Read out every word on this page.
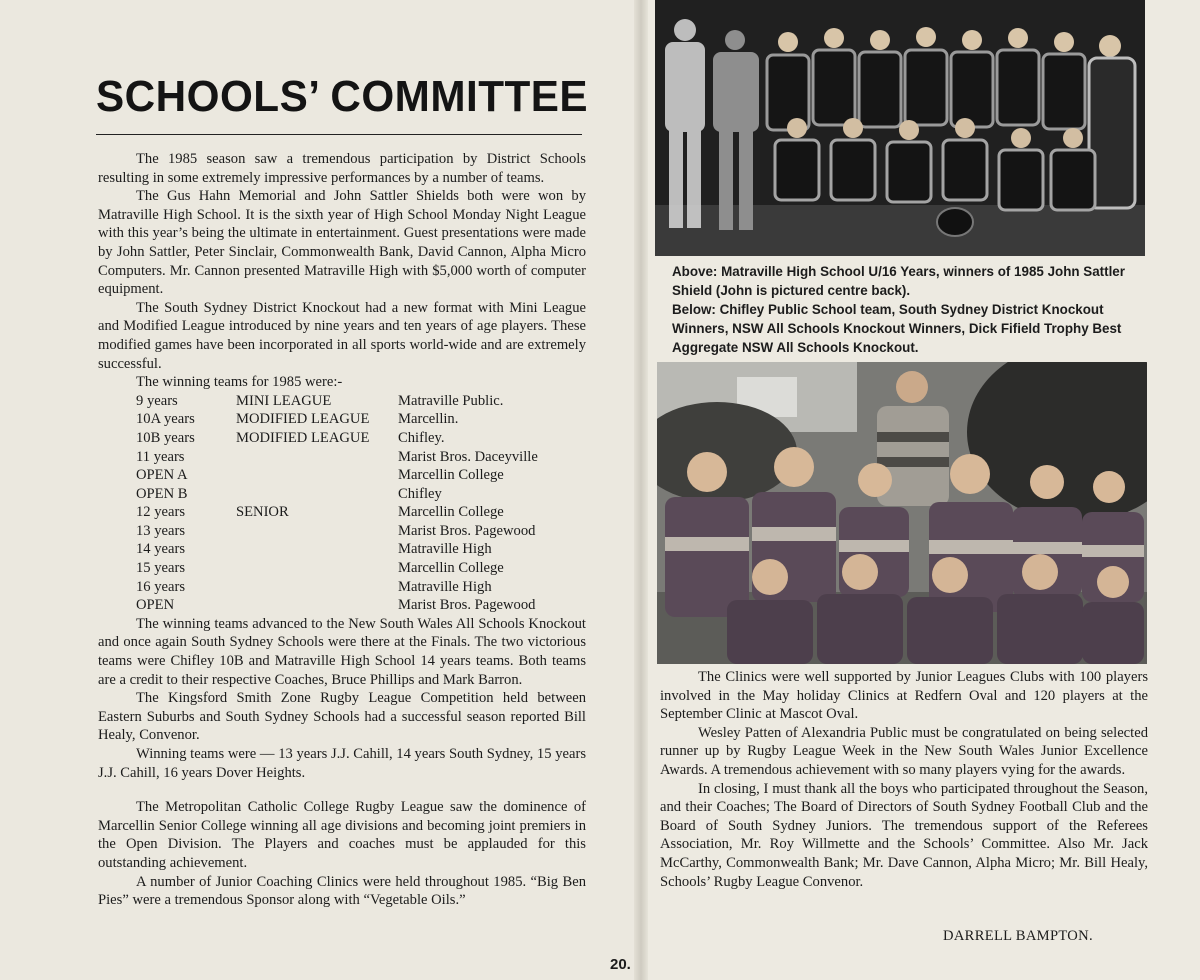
SCHOOLS’ COMMITTEE

The 1985 season saw a tremendous participation by District Schools resulting in some extremely impressive performances by a number of teams.

The Gus Hahn Memorial and John Sattler Shields both were won by Matraville High School. It is the sixth year of High School Monday Night League with this year’s being the ultimate in entertainment. Guest presentations were made by John Sattler, Peter Sinclair, Commonwealth Bank, David Cannon, Alpha Micro Computers. Mr. Cannon presented Matraville High with $5,000 worth of computer equipment.

The South Sydney District Knockout had a new format with Mini League and Modified League introduced by nine years and ten years of age players. These modified games have been incorporated in all sports world-wide and are extremely successful.

The winning teams for 1985 were:-

9 years	MINI LEAGUE	Matraville Public.
10A years	MODIFIED LEAGUE	Marcellin.
10B years	MODIFIED LEAGUE	Chifley.
11 years		Marist Bros. Daceyville
OPEN A		Marcellin College
OPEN B		Chifley
12 years	SENIOR	Marcellin College
13 years		Marist Bros. Pagewood
14 years		Matraville High
15 years		Marcellin College
16 years		Matraville High
OPEN		Marist Bros. Pagewood

The winning teams advanced to the New South Wales All Schools Knockout and once again South Sydney Schools were there at the Finals. The two victorious teams were Chifley 10B and Matraville High School 14 years teams. Both teams are a credit to their respective Coaches, Bruce Phillips and Mark Barron.

The Kingsford Smith Zone Rugby League Competition held between Eastern Suburbs and South Sydney Schools had a successful season reported Bill Healy, Convenor.

Winning teams were — 13 years J.J. Cahill, 14 years South Sydney, 15 years J.J. Cahill, 16 years Dover Heights.

The Metropolitan Catholic College Rugby League saw the dominence of Marcellin Senior College winning all age divisions and becoming joint premiers in the Open Division. The Players and coaches must be applauded for this outstanding achievement.

A number of Junior Coaching Clinics were held throughout 1985. “Big Ben Pies” were a tremendous Sponsor along with “Vegetable Oils.”

Above: Matraville High School U/16 Years, winners of 1985 John Sattler Shield (John is pictured centre back).

Below: Chifley Public School team, South Sydney District Knockout Winners, NSW All Schools Knockout Winners, Dick Fifield Trophy Best Aggregate NSW All Schools Knockout.

The Clinics were well supported by Junior Leagues Clubs with 100 players involved in the May holiday Clinics at Redfern Oval and 120 players at the September Clinic at Mascot Oval.

Wesley Patten of Alexandria Public must be congratulated on being selected runner up by Rugby League Week in the New South Wales Junior Excellence Awards. A tremendous achievement with so many players vying for the awards.

In closing, I must thank all the boys who participated throughout the Season, and their Coaches; The Board of Directors of South Sydney Football Club and the Board of South Sydney Juniors. The tremendous support of the Referees Association, Mr. Roy Willmette and the Schools’ Committee. Also Mr. Jack McCarthy, Commonwealth Bank; Mr. Dave Cannon, Alpha Micro; Mr. Bill Healy, Schools’ Rugby League Convenor.

DARRELL BAMPTON.
20.
